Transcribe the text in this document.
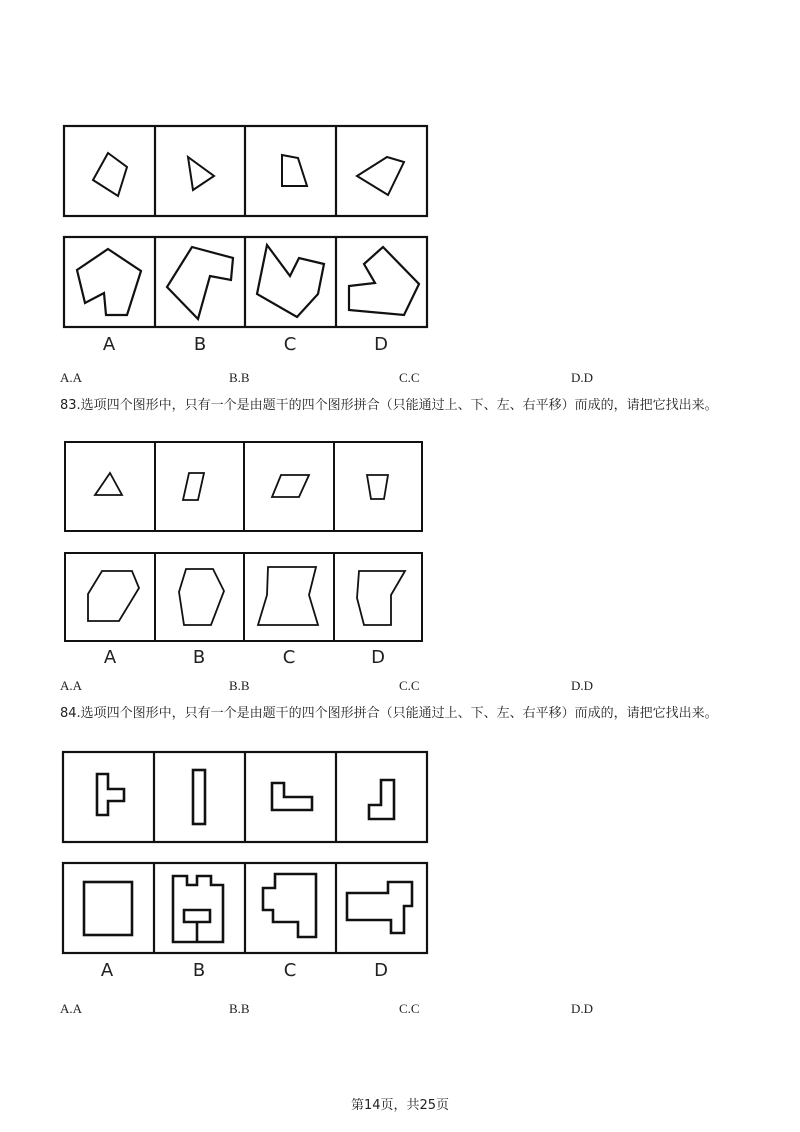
A	B	C	D
A.A	B.B	C.C	D.D
83.选项四个图形中，只有一个是由题干的四个图形拼合（只能通过上、下、左、右平移）而成的，请把它找出来。
A	B	C	D
A.A	B.B	C.C	D.D
84.选项四个图形中，只有一个是由题干的四个图形拼合（只能通过上、下、左、右平移）而成的，请把它找出来。
A	B	C	D
A.A	B.B	C.C	D.D
第14页，共25页
